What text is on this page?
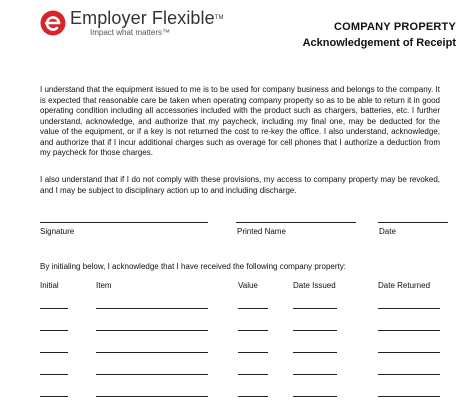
Employer Flexible™
Impact what matters™	COMPANY PROPERTY
Acknowledgement of Receipt
I understand that the equipment issued to me is to be used for company business and belongs to the company. It is expected that reasonable care be taken when operating company property so as to be able to return it in good operating condition including all accessories included with the product such as chargers, batteries, etc. I further understand, acknowledge, and authorize that my paycheck, including my final one, may be deducted for the value of the equipment, or if a key is not returned the cost to re-key the office. I also understand, acknowledge, and authorize that if I incur additional charges such as overage for cell phones that I authorize a deduction from my paycheck for those charges.
I also understand that if I do not comply with these provisions, my access to company property may be revoked, and I may be subject to disciplinary action up to and including discharge.
Signature	Printed Name	Date
By initialing below, I acknowledge that I have received the following company property:
Initial	Item	Value	Date Issued	Date Returned
